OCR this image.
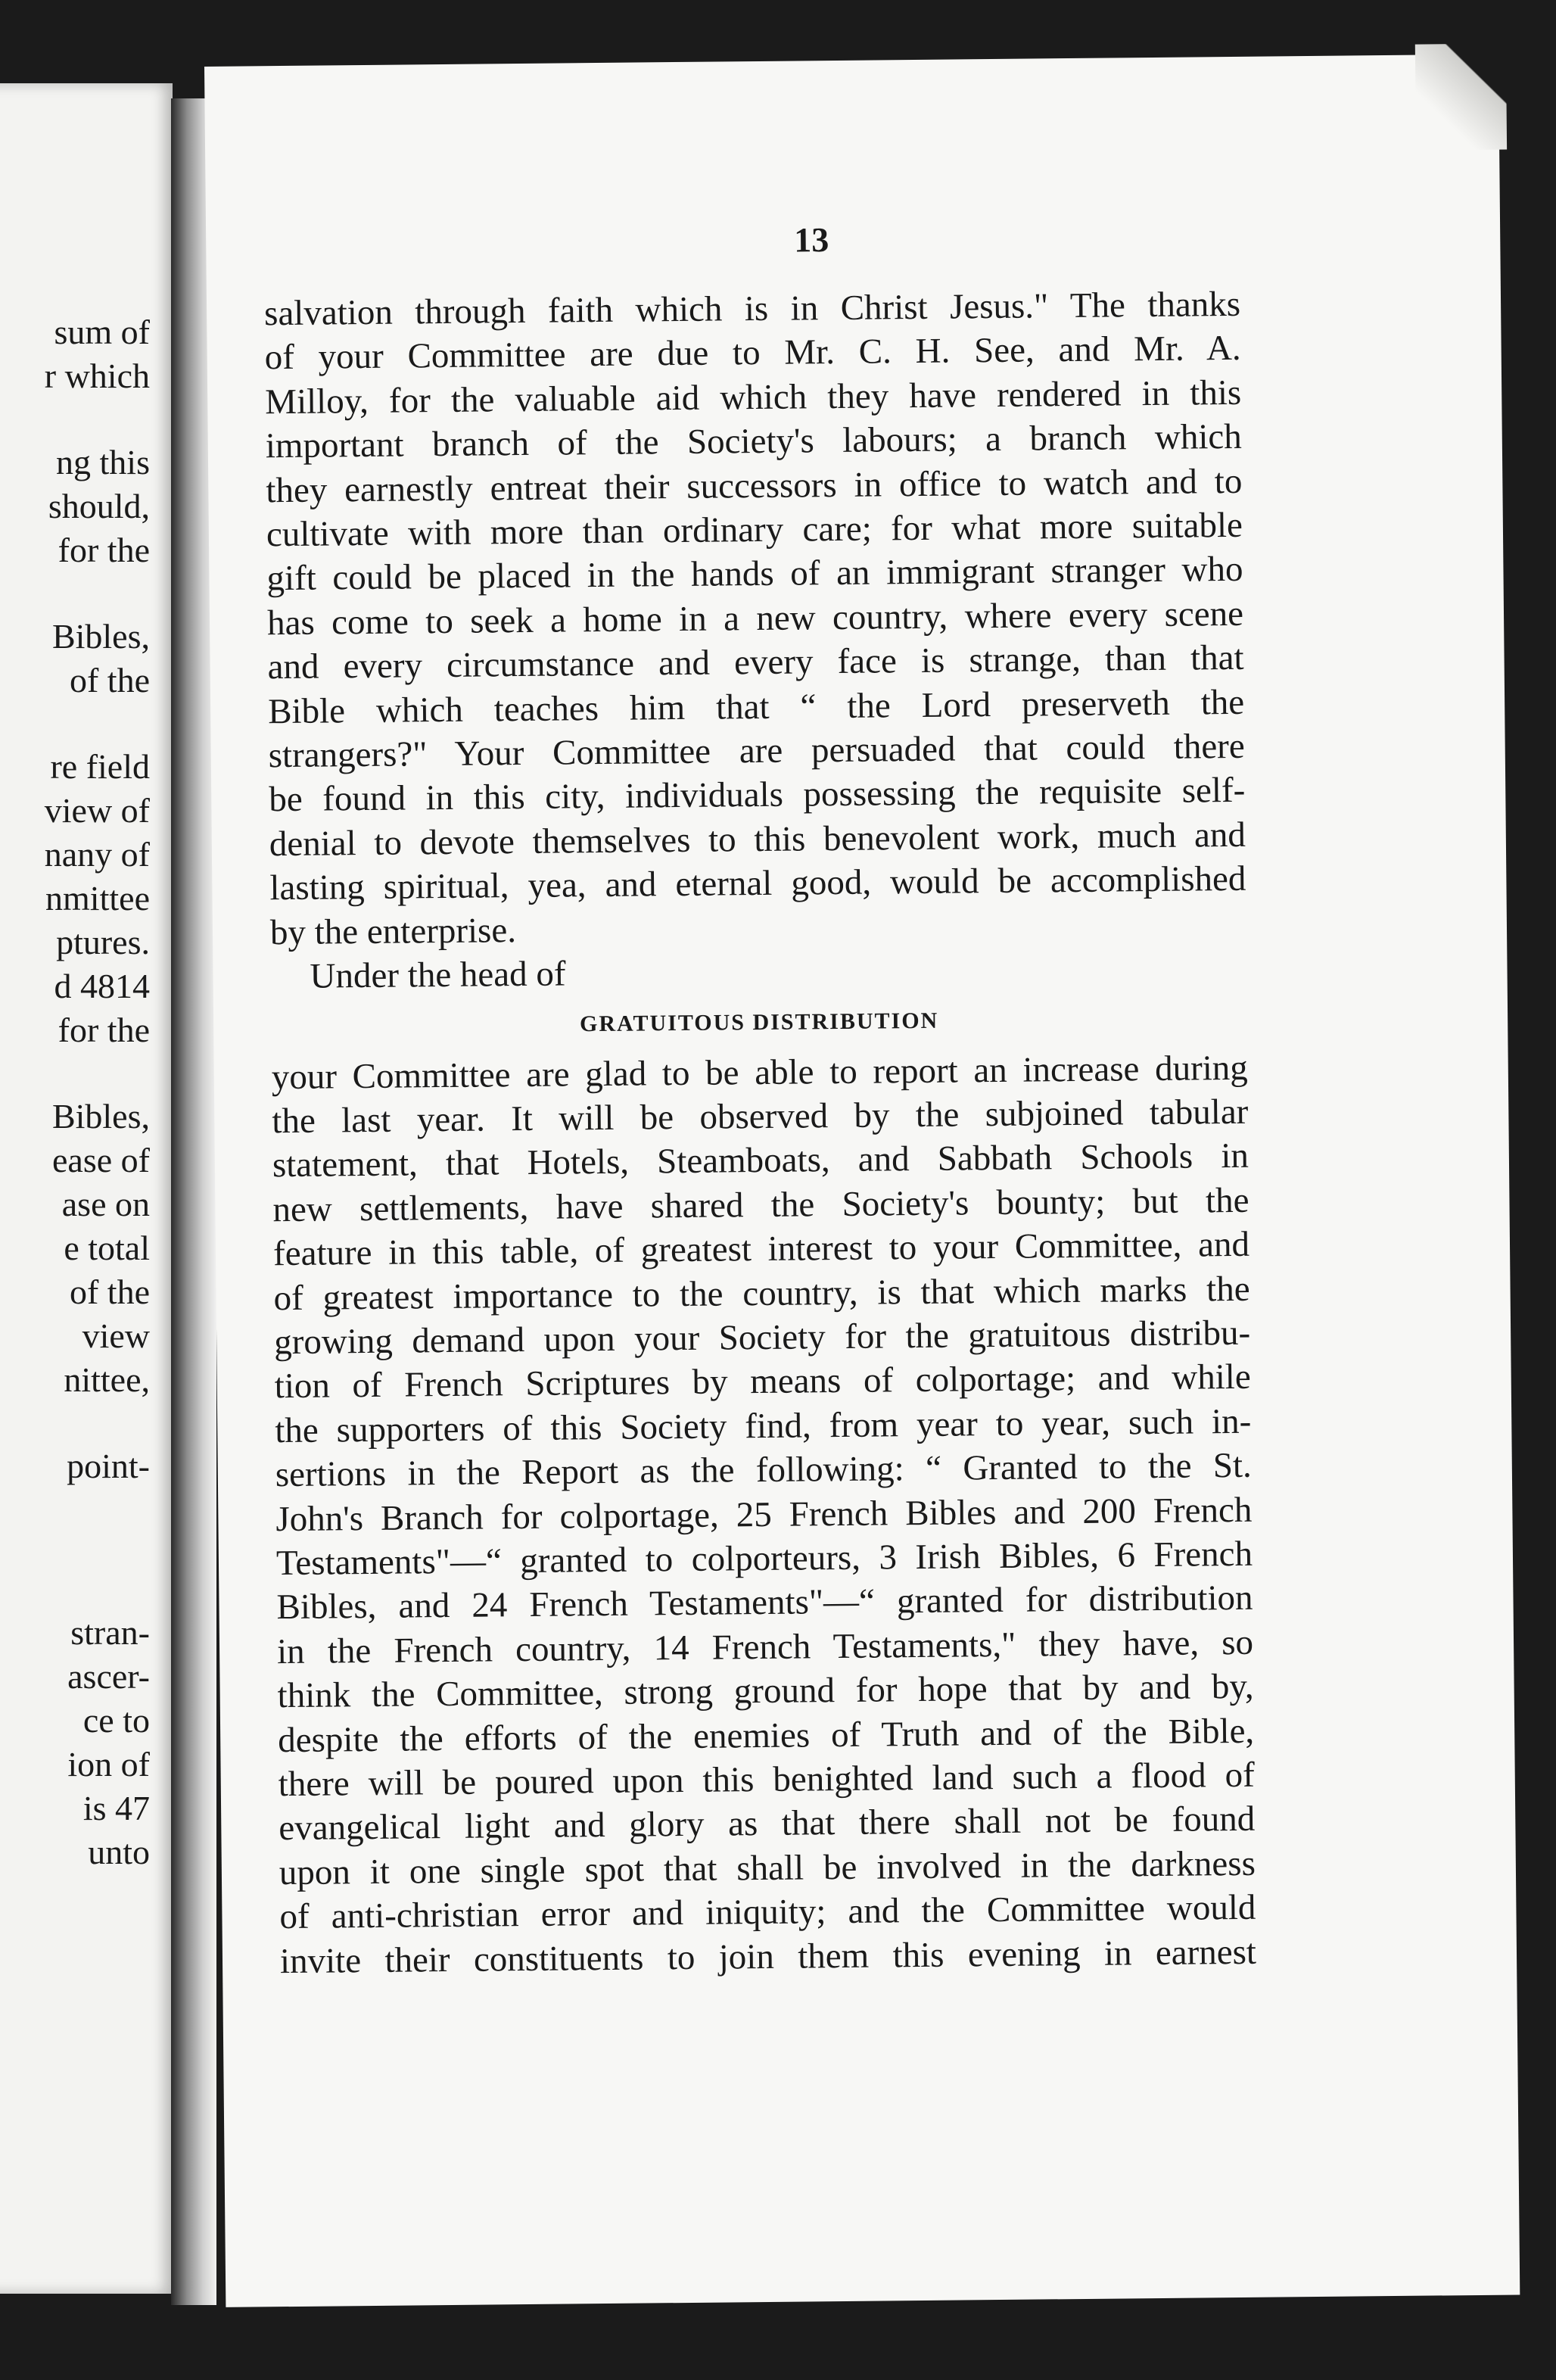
sum of
r which
ng this
should,
for the
Bibles,
of the
re field
view of
nany of
nmittee
ptures.
d 4814
for the
Bibles,
ease of
ase on
e total
of the
view
nittee,
point-
stran-
ascer-
ce to
ion of
is 47
unto
13
salvation through faith which is in Christ Jesus." The thanks
of your Committee are due to Mr. C. H. See, and Mr. A.
Milloy, for the valuable aid which they have rendered in this
important branch of the Society's labours; a branch which
they earnestly entreat their successors in office to watch and to
cultivate with more than ordinary care; for what more suitable
gift could be placed in the hands of an immigrant stranger who
has come to seek a home in a new country, where every scene
and every circumstance and every face is strange, than that
Bible which teaches him that “ the Lord preserveth the
strangers?" Your Committee are persuaded that could there
be found in this city, individuals possessing the requisite self-
denial to devote themselves to this benevolent work, much and
lasting spiritual, yea, and eternal good, would be accomplished
by the enterprise.
Under the head of
GRATUITOUS DISTRIBUTION
your Committee are glad to be able to report an increase during
the last year. It will be observed by the subjoined tabular
statement, that Hotels, Steamboats, and Sabbath Schools in
new settlements, have shared the Society's bounty; but the
feature in this table, of greatest interest to your Committee, and
of greatest importance to the country, is that which marks the
growing demand upon your Society for the gratuitous distribu-
tion of French Scriptures by means of colportage; and while
the supporters of this Society find, from year to year, such in-
sertions in the Report as the following: “ Granted to the St.
John's Branch for colportage, 25 French Bibles and 200 French
Testaments"—“ granted to colporteurs, 3 Irish Bibles, 6 French
Bibles, and 24 French Testaments"—“ granted for distribution
in the French country, 14 French Testaments," they have, so
think the Committee, strong ground for hope that by and by,
despite the efforts of the enemies of Truth and of the Bible,
there will be poured upon this benighted land such a flood of
evangelical light and glory as that there shall not be found
upon it one single spot that shall be involved in the darkness
of anti-christian error and iniquity; and the Committee would
invite their constituents to join them this evening in earnest
